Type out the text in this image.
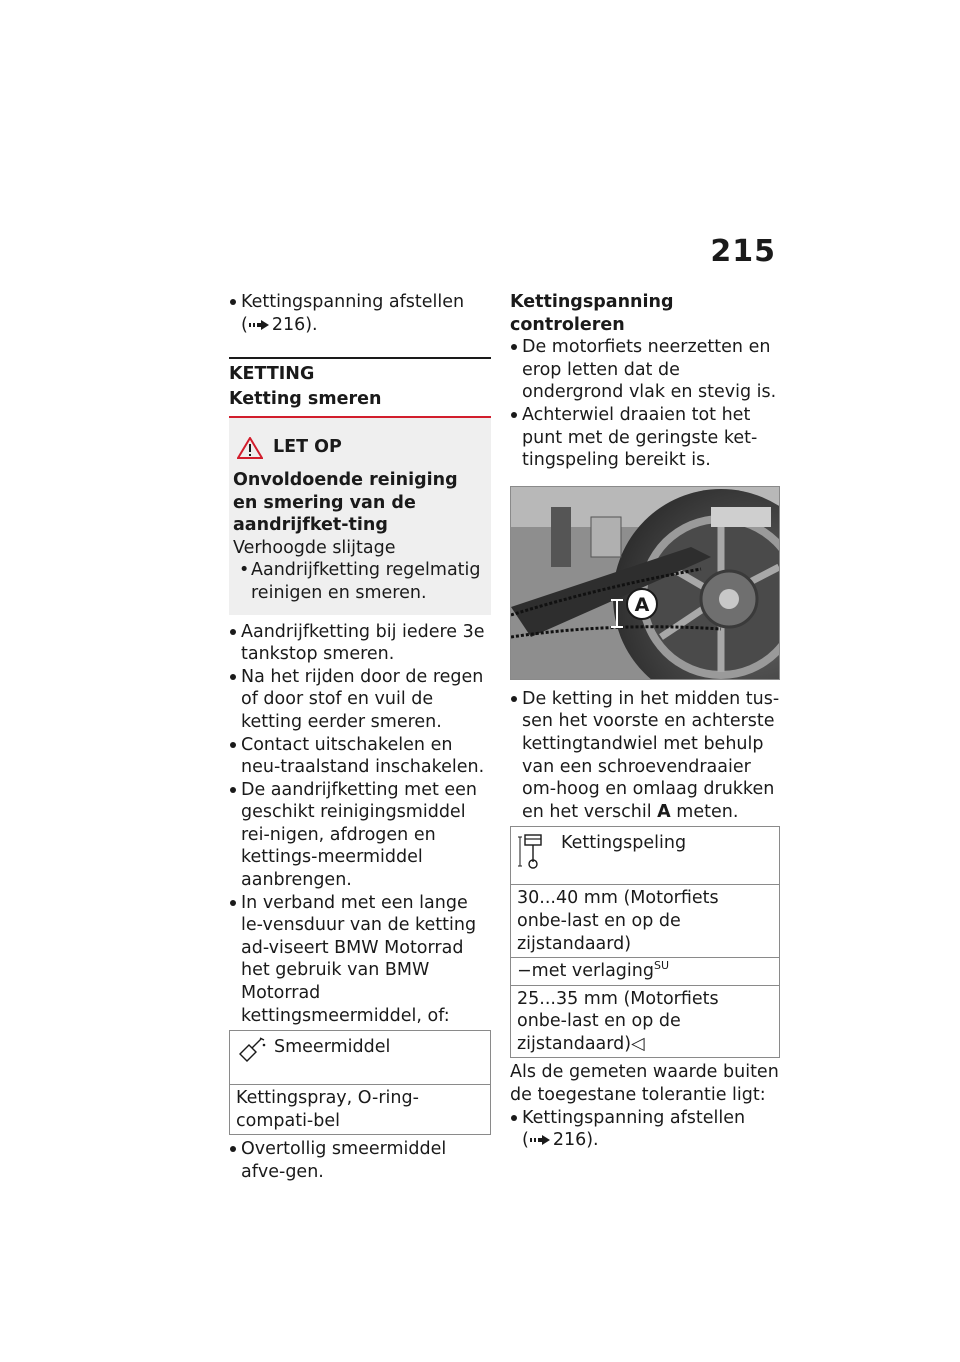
215
Kettingspanning afstellen
( 216).
KETTING
Ketting smeren
LET OP

Onvoldoende reiniging en smering van de aandrijfket-ting

Verhoogde slijtage

• Aandrijfketting regelmatig reinigen en smeren.
Aandrijfketting bij iedere 3e tankstop smeren.
Na het rijden door de regen of door stof en vuil de ketting eerder smeren.
Contact uitschakelen en neu-traalstand inschakelen.
De aandrijfketting met een geschikt reinigingsmiddel rei-nigen, afdrogen en kettings-meermiddel aanbrengen.
In verband met een lange le-vensduur van de ketting ad-viseert BMW Motorrad het gebruik van BMW Motorrad kettingsmeermiddel, of:
Smeermiddel
Kettingspray, O-ring-compati-bel
Overtollig smeermiddel afve-gen.

Kettingspanning controleren

De motorfiets neerzetten en erop letten dat de ondergrond vlak en stevig is.
Achterwiel draaien tot het punt met de geringste ket-tingspeling bereikt is.
A
De ketting in het midden tus-sen het voorste en achterste kettingtandwiel met behulp van een schroevendraaier om-hoog en omlaag drukken en het verschil A meten.
Kettingspeling
30...40 mm (Motorfiets onbe-last en op de zijstandaard)
−met verlaging$^{SU}$
25...35 mm (Motorfiets onbe-last en op de zijstandaard)◁

Als de gemeten waarde buiten de toegestane tolerantie ligt:

Kettingspanning afstellen
( 216).
